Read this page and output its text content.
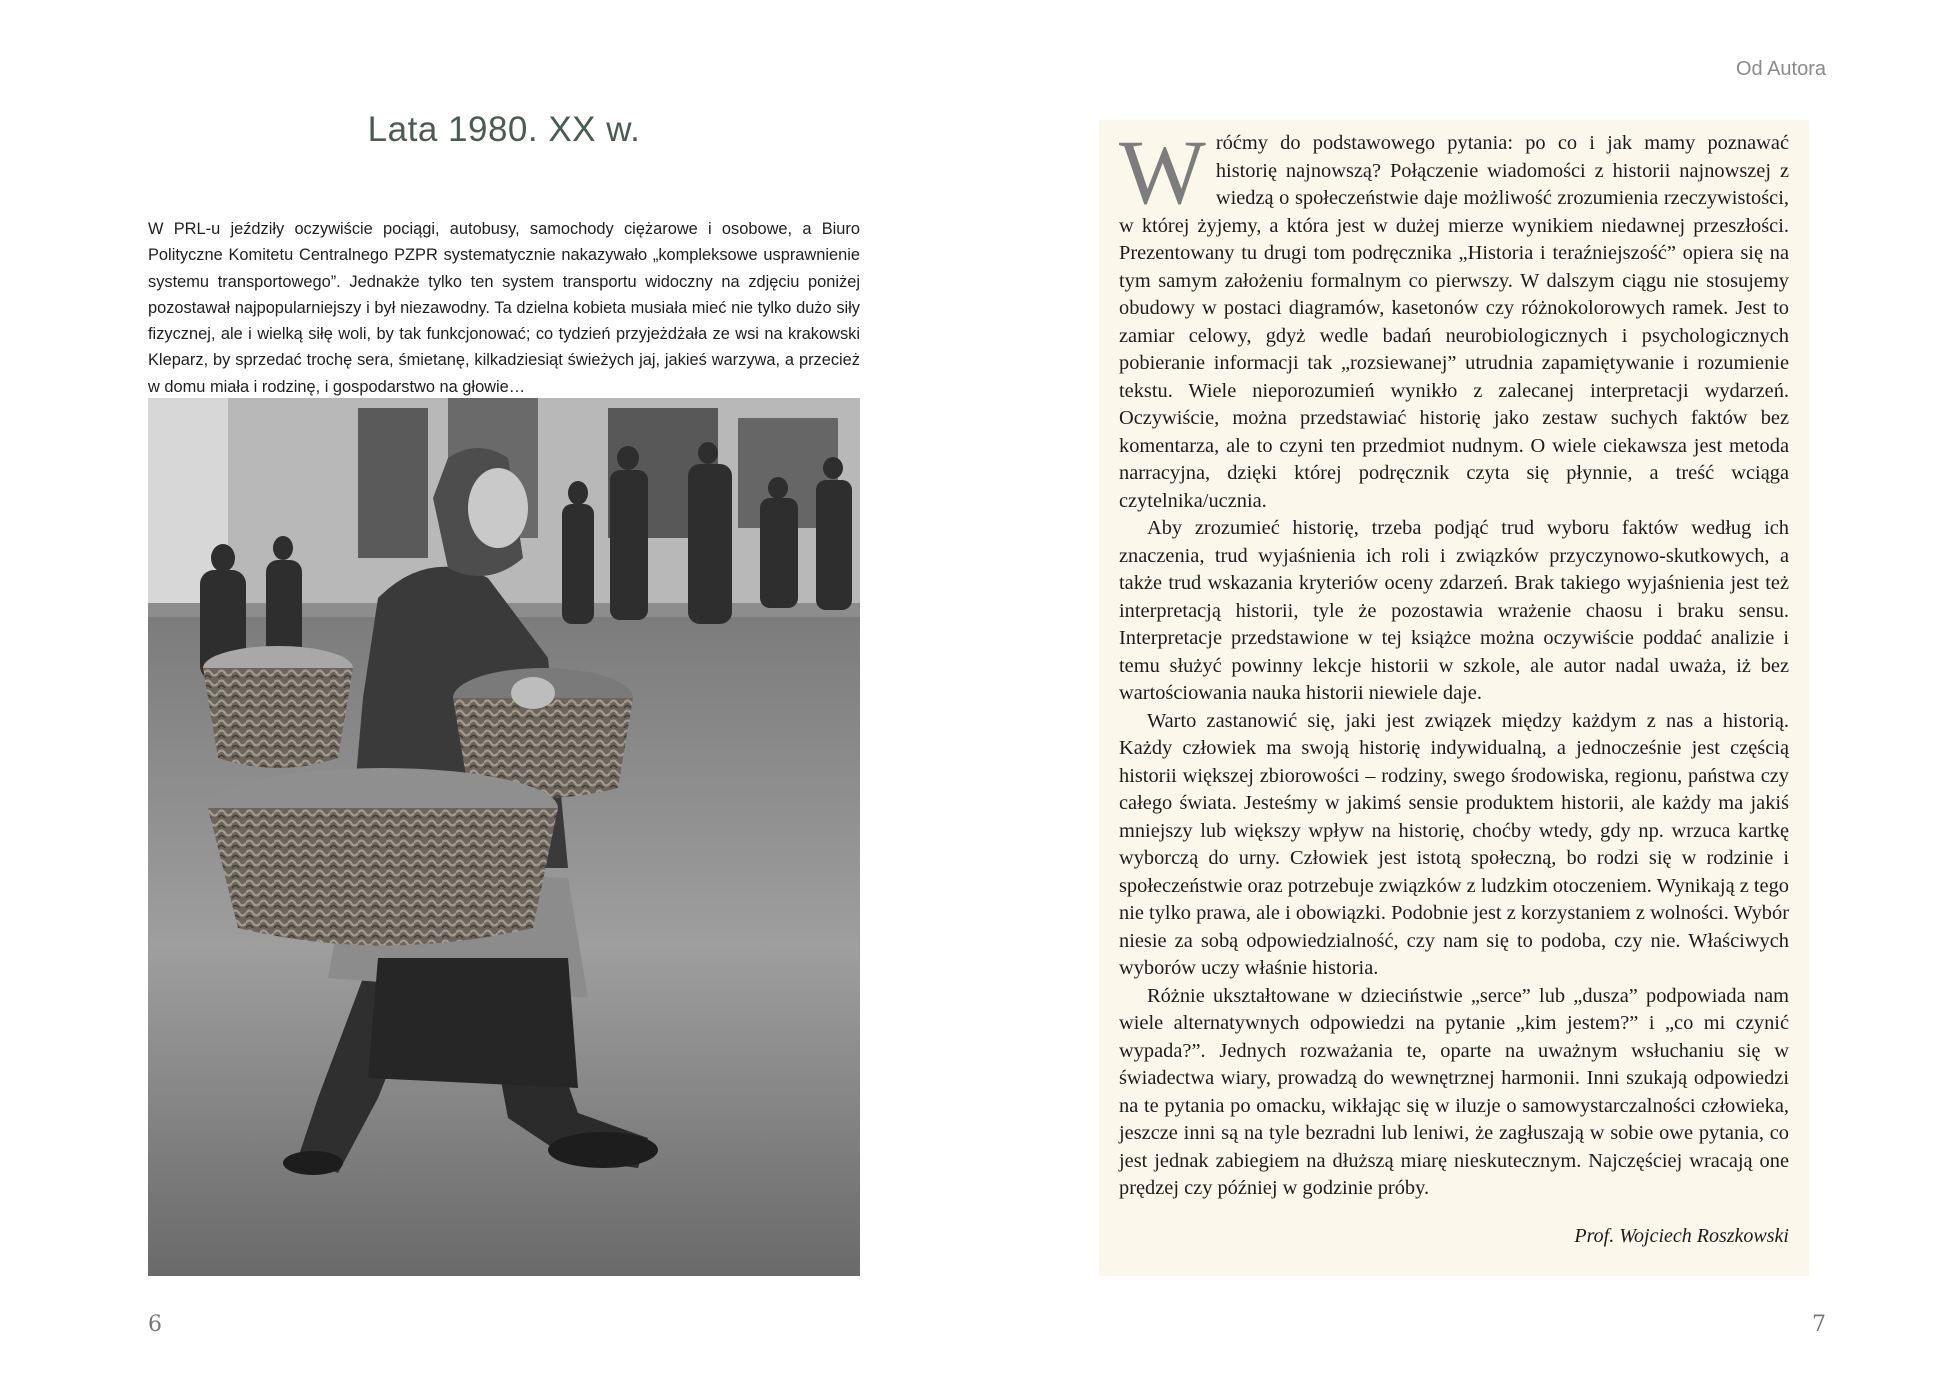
Lata 1980. XX w.
W PRL-u jeździły oczywiście pociągi, autobusy, samochody ciężarowe i osobowe, a Biuro Polityczne Komitetu Centralnego PZPR systematycznie nakazywało „kompleksowe usprawnienie systemu transportowego”. Jednakże tylko ten system transportu widoczny na zdjęciu poniżej pozostawał najpopularniejszy i był niezawodny. Ta dzielna kobieta musiała mieć nie tylko dużo siły fizycznej, ale i wielką siłę woli, by tak funkcjonować; co tydzień przyjeżdżała ze wsi na krakowski Kleparz, by sprzedać trochę sera, śmietanę, kilkadziesiąt świeżych jaj, jakieś warzywa, a przecież w domu miała i rodzinę, i gospodarstwo na głowie…
6
Od Autora

Wróćmy do podstawowego pytania: po co i jak mamy poznawać historię najnowszą? Połączenie wiadomości z historii najnowszej z wiedzą o społeczeństwie daje możliwość zrozumienia rzeczywistości, w której żyjemy, a która jest w dużej mierze wynikiem niedawnej przeszłości. Prezentowany tu drugi tom podręcznika „Historia i teraźniejszość” opiera się na tym samym założeniu formalnym co pierwszy. W dalszym ciągu nie stosujemy obudowy w postaci diagramów, kasetonów czy różnokolorowych ramek. Jest to zamiar celowy, gdyż wedle badań neurobiologicznych i psychologicznych pobieranie informacji tak „rozsiewanej” utrudnia zapamiętywanie i rozumienie tekstu. Wiele nieporozumień wynikło z zalecanej interpretacji wydarzeń. Oczywiście, można przedstawiać historię jako zestaw suchych faktów bez komentarza, ale to czyni ten przedmiot nudnym. O wiele ciekawsza jest metoda narracyjna, dzięki której podręcznik czyta się płynnie, a treść wciąga czytelnika/ucznia.

Aby zrozumieć historię, trzeba podjąć trud wyboru faktów według ich znaczenia, trud wyjaśnienia ich roli i związków przyczynowo-skutkowych, a także trud wskazania kryteriów oceny zdarzeń. Brak takiego wyjaśnienia jest też interpretacją historii, tyle że pozostawia wrażenie chaosu i braku sensu. Interpretacje przedstawione w tej książce można oczywiście poddać analizie i temu służyć powinny lekcje historii w szkole, ale autor nadal uważa, iż bez wartościowania nauka historii niewiele daje.

Warto zastanowić się, jaki jest związek między każdym z nas a historią. Każdy człowiek ma swoją historię indywidualną, a jednocześnie jest częścią historii większej zbiorowości – rodziny, swego środowiska, regionu, państwa czy całego świata. Jesteśmy w jakimś sensie produktem historii, ale każdy ma jakiś mniejszy lub większy wpływ na historię, choćby wtedy, gdy np. wrzuca kartkę wyborczą do urny. Człowiek jest istotą społeczną, bo rodzi się w rodzinie i społeczeństwie oraz potrzebuje związków z ludzkim otoczeniem. Wynikają z tego nie tylko prawa, ale i obowiązki. Podobnie jest z korzystaniem z wolności. Wybór niesie za sobą odpowiedzialność, czy nam się to podoba, czy nie. Właściwych wyborów uczy właśnie historia.

Różnie ukształtowane w dzieciństwie „serce” lub „dusza” podpowiada nam wiele alternatywnych odpowiedzi na pytanie „kim jestem?” i „co mi czynić wypada?”. Jednych rozważania te, oparte na uważnym wsłuchaniu się w świadectwa wiary, prowadzą do wewnętrznej harmonii. Inni szukają odpowiedzi na te pytania po omacku, wikłając się w iluzje o samowystarczalności człowieka, jeszcze inni są na tyle bezradni lub leniwi, że zagłuszają w sobie owe pytania, co jest jednak zabiegiem na dłuższą miarę nieskutecznym. Najczęściej wracają one prędzej czy później w godzinie próby.

Prof. Wojciech Roszkowski
7
